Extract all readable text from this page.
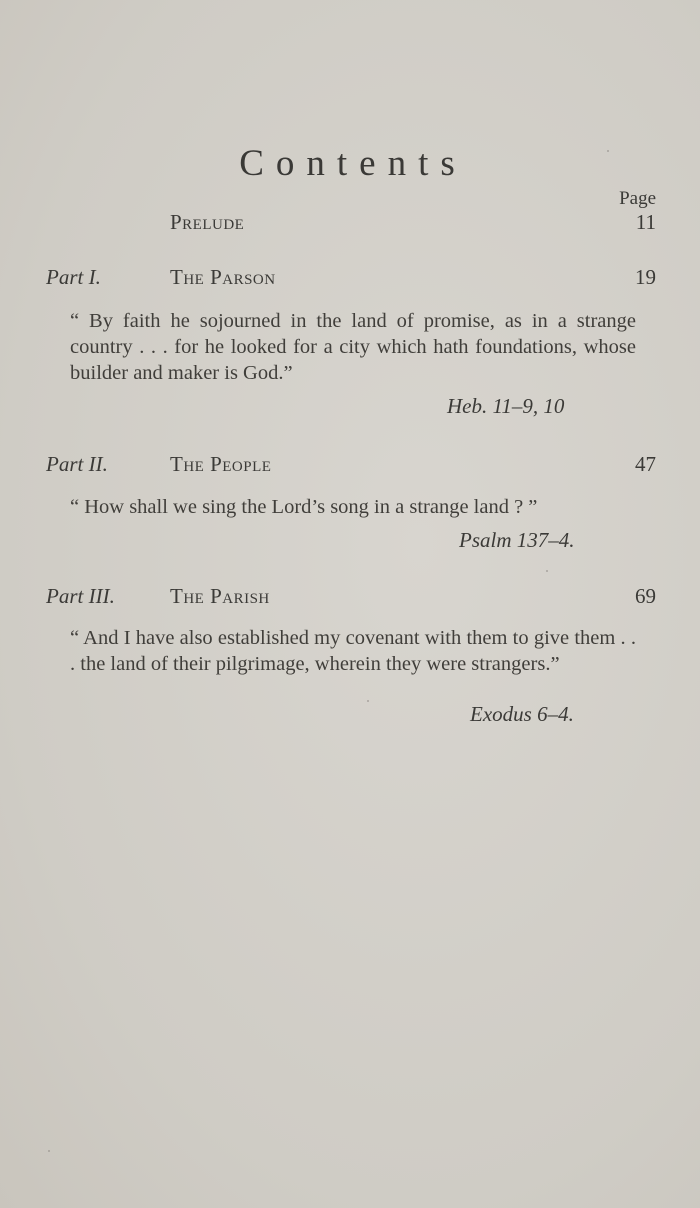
Contents
Page
Prelude	11
Part I.	The Parson	19
“ By faith he sojourned in the land of promise, as in a strange country . . . for he looked for a city which hath foundations, whose builder and maker is God.”
Heb. 11–9, 10
Part II.	The People	47
“ How shall we sing the Lord’s song in a strange land ? ”
Psalm 137–4.
Part III.	The Parish	69
“ And I have also established my covenant with them to give them . . . the land of their pilgrimage, wherein they were strangers.”
Exodus 6–4.
